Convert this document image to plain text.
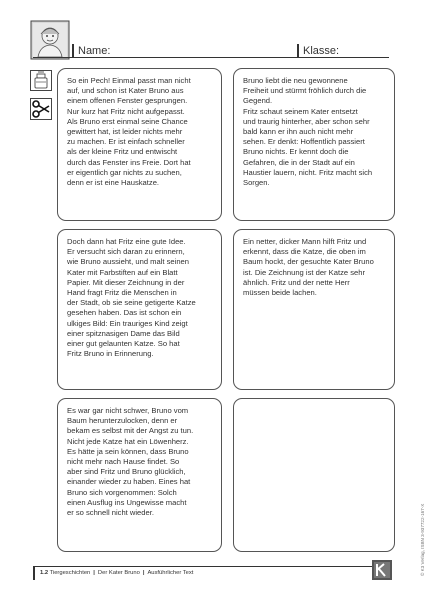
Name:	Klasse:

So ein Pech! Einmal passt man nicht
auf, und schon ist Kater Bruno aus
einem offenen Fenster gesprungen.
Nur kurz hat Fritz nicht aufgepasst.
Als Bruno erst einmal seine Chance
gewittert hat, ist leider nichts mehr
zu machen. Er ist einfach schneller
als der kleine Fritz und entwischt
durch das Fenster ins Freie. Dort hat
er eigentlich gar nichts zu suchen,
denn er ist eine Hauskatze.

Bruno liebt die neu gewonnene
Freiheit und stürmt fröhlich durch die
Gegend.
Fritz schaut seinem Kater entsetzt
und traurig hinterher, aber schon sehr
bald kann er ihn auch nicht mehr
sehen. Er denkt: Hoffentlich passiert
Bruno nichts. Er kennt doch die
Gefahren, die in der Stadt auf ein
Haustier lauern, nicht. Fritz macht sich
Sorgen.

Doch dann hat Fritz eine gute Idee.
Er versucht sich daran zu erinnern,
wie Bruno aussieht, und malt seinen
Kater mit Farbstiften auf ein Blatt
Papier. Mit dieser Zeichnung in der
Hand fragt Fritz die Menschen in
der Stadt, ob sie seine getigerte Katze
gesehen haben. Das ist schon ein
ulkiges Bild: Ein trauriges Kind zeigt
einer spitznasigen Dame das Bild
einer gut gelaunten Katze. So hat
Fritz Bruno in Erinnerung.

Ein netter, dicker Mann hilft Fritz und
erkennt, dass die Katze, die oben im
Baum hockt, der gesuchte Kater Bruno
ist. Die Zeichnung ist der Katze sehr
ähnlich. Fritz und der nette Herr
müssen beide lachen.

Es war gar nicht schwer, Bruno vom
Baum herunterzulocken, denn er
bekam es selbst mit der Angst zu tun.
Nicht jede Katze hat ein Löwenherz.
Es hätte ja sein können, dass Bruno
nicht mehr nach Hause findet. So
aber sind Fritz und Bruno glücklich,
einander wieder zu haben. Eines hat
Bruno sich vorgenommen: Solch
einen Ausflug ins Ungewisse macht
er so schnell nicht wieder.	© K3 Verlag, ISBN 3-937722-167-X
1.2 Tiergeschichten | Der Kater Bruno | Ausführlicher Text
